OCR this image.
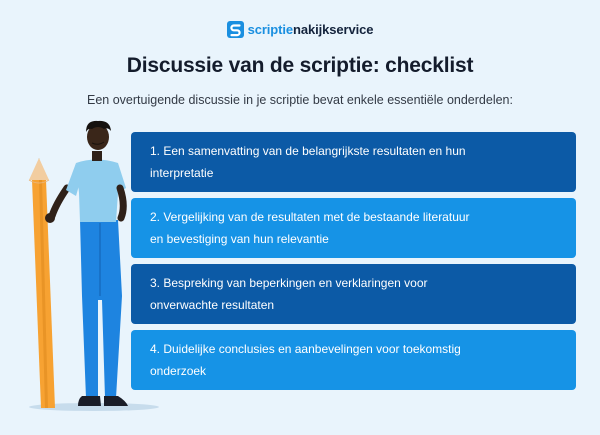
scriptienakijkservice
Discussie van de scriptie: checklist
Een overtuigende discussie in je scriptie bevat enkele essentiële onderdelen:
1. Een samenvatting van de belangrijkste resultaten en hun
interpretatie
2. Vergelijking van de resultaten met de bestaande literatuur
en bevestiging van hun relevantie
3. Bespreking van beperkingen en verklaringen voor
onverwachte resultaten
4. Duidelijke conclusies en aanbevelingen voor toekomstig
onderzoek
